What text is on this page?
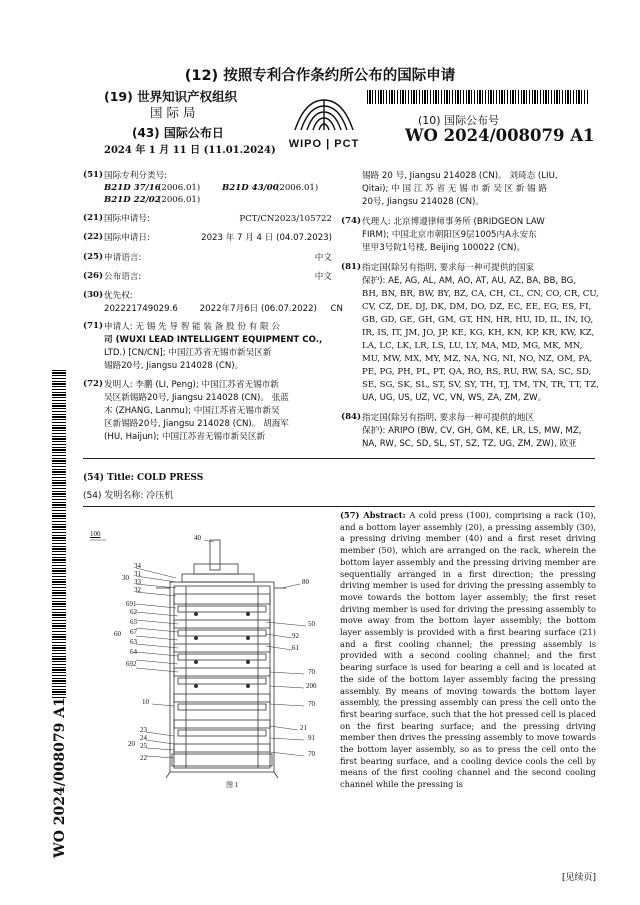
(12) 按照专利合作条约所公布的国际申请
(19) 世界知识产权组织
国 际 局
(43) 国际公布日
2024 年 1 月 11 日 (11.01.2024)
WIPO | PCT
(10) 国际公布号
WO 2024/008079 A1
(51) 国际专利分类号:
B21D 37/16
(2006.01)	B21D 43/00
(2006.01)
B21D 22/02
(2006.01)
(21) 国际申请号:	PCT/CN2023/105722
(22) 国际申请日:	2023 年 7 月 4 日 (04.07.2023)
(25) 申请语言:	中文
(26) 公布语言:	中文
(30) 优先权:
202221749029.6        2022年7月6日 (06.07.2022)     CN
(71) 申请人: 无 锡 先 导 智 能 装 备 股 份 有 限 公
司 (WUXI LEAD INTELLIGENT EQUIPMENT CO.,
LTD.) [CN/CN]; 中国江苏省无锡市新吴区新
锡路20号, Jiangsu 214028 (CN)。
(72) 发明人: 李鹏 (LI, Peng); 中国江苏省无锡市新
吴区新锡路20号, Jiangsu 214028 (CN)。 张蓝
木 (ZHANG, Lanmu); 中国江苏省无锡市新吴
区新锡路20号, Jiangsu 214028 (CN)。 胡海军
(HU, Haijun); 中国江苏省无锡市新吴区新
锡路 20 号, Jiangsu 214028 (CN)。 刘琦态 (LIU,
Qitai); 中 国 江 苏 省 无 锡 市 新 吴 区 新 锡 路
20号, Jiangsu 214028 (CN)。
(74) 代理人: 北京博遵律师事务所 (BRIDGEON LAW
FIRM); 中国北京市朝阳区9层1005内A永安东
里甲3号院1号楼, Beijing 100022 (CN)。
(81) 指定国(除另有指明, 要求每一种可提供的国家
保护): AE, AG, AL, AM, AO, AT, AU, AZ, BA, BB, BG,
BH, BN, BR, BW, BY, BZ, CA, CH, CL, CN, CO, CR, CU,
CV, CZ, DE, DJ, DK, DM, DO, DZ, EC, EE, EG, ES, FI,
GB, GD, GE, GH, GM, GT, HN, HR, HU, ID, IL, IN, IQ,
IR, IS, IT, JM, JO, JP, KE, KG, KH, KN, KP, KR, KW, KZ,
LA, LC, LK, LR, LS, LU, LY, MA, MD, MG, MK, MN,
MU, MW, MX, MY, MZ, NA, NG, NI, NO, NZ, OM, PA,
PE, PG, PH, PL, PT, QA, RO, RS, RU, RW, SA, SC, SD,
SE, SG, SK, SL, ST, SV, SY, TH, TJ, TM, TN, TR, TT, TZ,
UA, UG, US, UZ, VC, VN, WS, ZA, ZM, ZW。
(84) 指定国(除另有指明, 要求每一种可提供的地区
保护): ARIPO (BW, CV, GH, GM, KE, LR, LS, MW, MZ,
NA, RW, SC, SD, SL, ST, SZ, TZ, UG, ZM, ZW), 欧亚
(54) Title: COLD PRESS
(54) 发明名称: 冷压机
100	40
80
30
34
31
33
32
691
62
65
60 67
63
64
692
50
92
61
70
200
10	70
21
23
24
20 25
91
22	70
图 1
(57) Abstract: A cold press (100), comprising a rack (10), and a bottom layer assembly (20), a pressing assembly (30), a pressing driving member (40) and a first reset driving member (50), which are arranged on the rack, wherein the bottom layer assembly and the pressing driving member are sequentially arranged in a first direction; the pressing driving member is used for driving the pressing assembly to move towards the bottom layer assembly; the first reset driving member is used for driving the pressing assembly to move away from the bottom layer assembly; the bottom layer assembly is provided with a first bearing surface (21) and a first cooling channel; the pressing assembly is provided with a second cooling channel; and the first bearing surface is used for bearing a cell and is located at the side of the bottom layer assembly facing the pressing assembly. By means of moving towards the bottom layer assembly, the pressing assembly can press the cell onto the first bearing surface, such that the hot pressed cell is placed on the first bearing surface; and the pressing driving member then drives the pressing assembly to move towards the bottom layer assembly, so as to press the cell onto the first bearing surface, and a cooling device cools the cell by means of the first cooling channel and the second cooling channel while the pressing is
WO 2024/008079 A1
[见续页]
